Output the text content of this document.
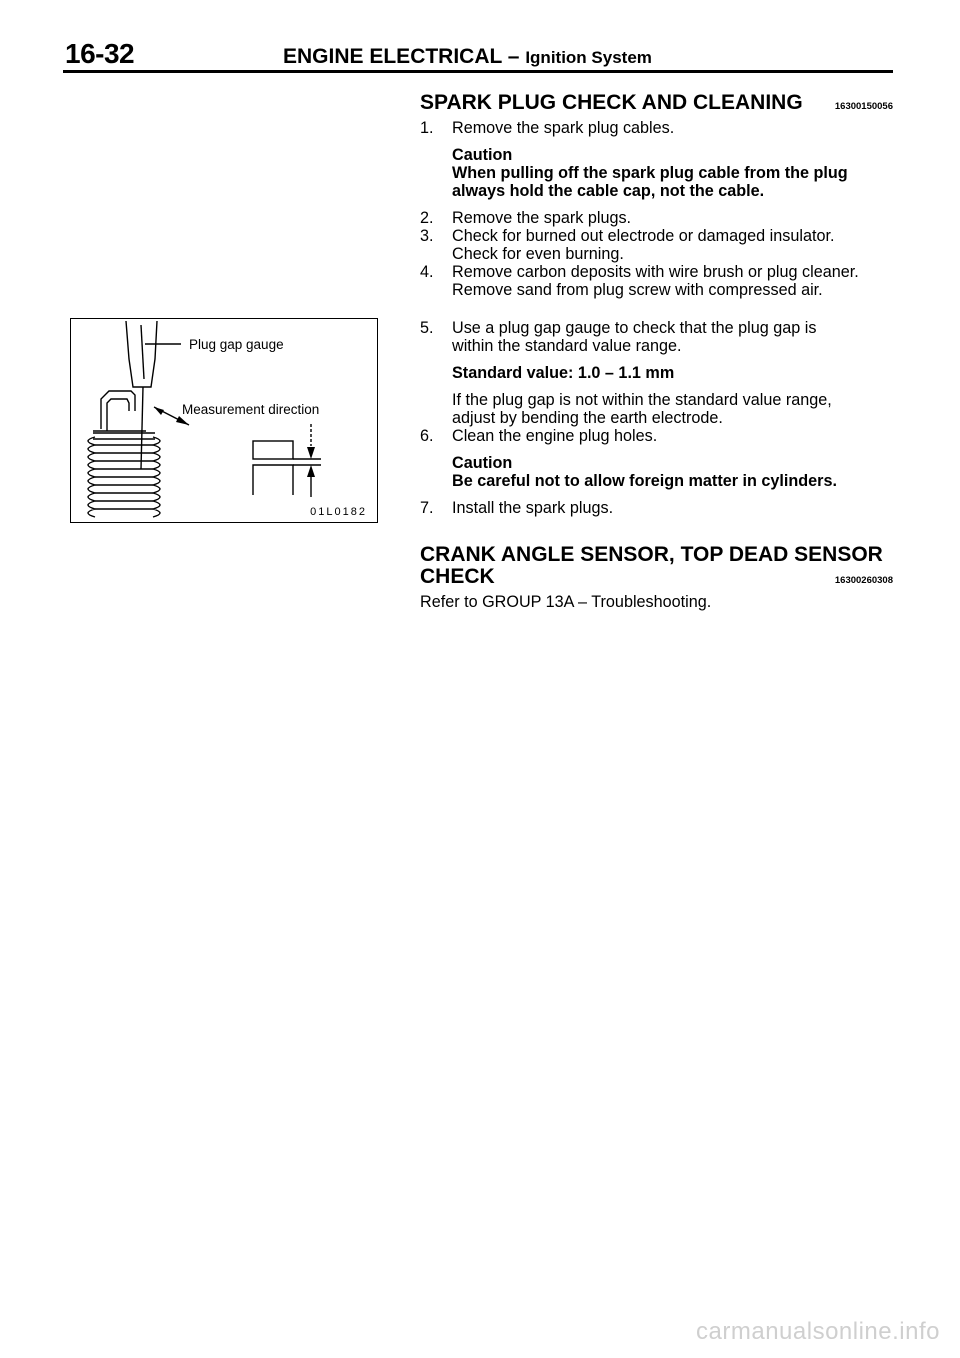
16-32	ENGINE ELECTRICAL – Ignition System
SPARK PLUG CHECK AND CLEANING	16300150056
1. Remove the spark plug cables.
Caution
When pulling off the spark plug cable from the plug
always hold the cable cap, not the cable.
2. Remove the spark plugs.
3. Check for burned out electrode or damaged insulator.
Check for even burning.
4. Remove carbon deposits with wire brush or plug cleaner.
Remove sand from plug screw with compressed air.
5. Use a plug gap gauge to check that the plug gap is
within the standard value range.
Standard value: 1.0 – 1.1 mm
If the plug gap is not within the standard value range,
adjust by bending the earth electrode.
6. Clean the engine plug holes.
Caution
Be careful not to allow foreign matter in cylinders.
7. Install the spark plugs.
Plug gap gauge
Measurement direction
01L0182
CRANK ANGLE SENSOR, TOP DEAD SENSOR
CHECK	16300260308
Refer to GROUP 13A – Troubleshooting.
carmanualsonline.info
